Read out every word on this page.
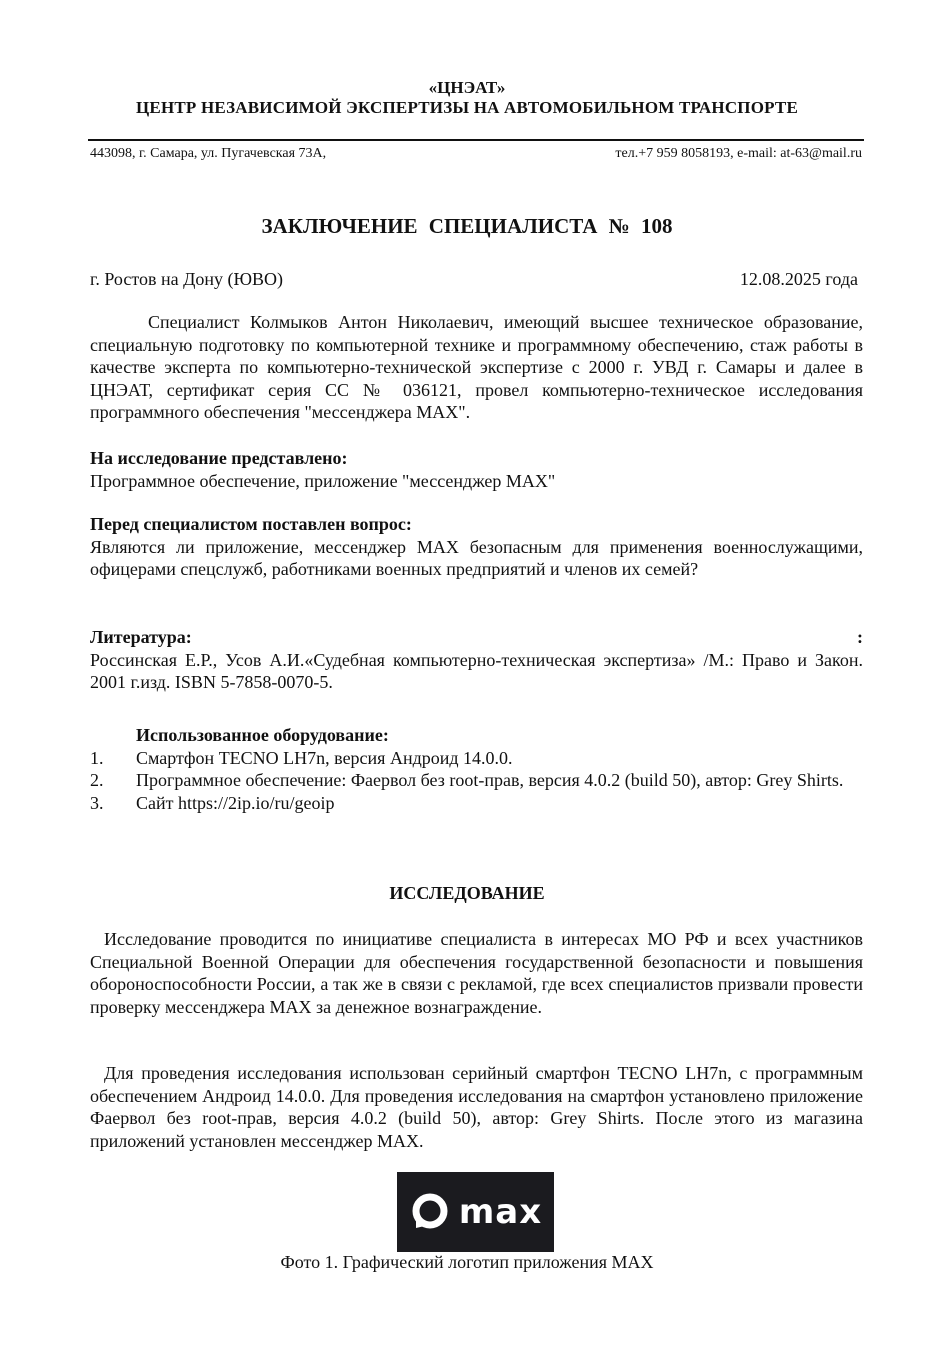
«ЦНЭАТ»
ЦЕНТР НЕЗАВИСИМОЙ ЭКСПЕРТИЗЫ НА АВТОМОБИЛЬНОМ ТРАНСПОРТЕ
443098, г. Самара, ул. Пугачевская 73А,	тел.+7 959 8058193, e-mail: at-63@mail.ru
ЗАКЛЮЧЕНИЕ СПЕЦИАЛИСТА № 108
г. Ростов на Дону (ЮВО)	12.08.2025 года
Специалист Колмыков Антон Николаевич, имеющий высшее техническое образование, специальную подготовку по компьютерной технике и программному обеспечению, стаж работы в качестве эксперта по компьютерно-технической экспертизе с 2000 г. УВД г. Самары и далее в ЦНЭАТ, сертификат серия СС № 036121, провел компьютерно-техническое исследования программного обеспечения "мессенджера МАХ".
На исследование представлено:
Программное обеспечение, приложение "мессенджер МАХ"
Перед специалистом поставлен вопрос:
Являются ли приложение, мессенджер МАХ безопасным для применения военнослужащими, офицерами спецслужб, работниками военных предприятий и членов их семей?
Литература:	:
Россинская Е.Р., Усов А.И.«Судебная компьютерно-техническая экспертиза» /М.: Право и Закон. 2001 г.изд. ISBN 5-7858-0070-5.
Использованное оборудование:
1.	Смартфон TECNO LH7n, версия Андроид 14.0.0.
2.	Программное обеспечение: Фаервол без root-прав, версия 4.0.2 (build 50), автор: Grey Shirts.
3.	Сайт https://2ip.io/ru/geoip
ИССЛЕДОВАНИЕ
Исследование проводится по инициативе специалиста в интересах МО РФ и всех участников Специальной Военной Операции для обеспечения государственной безопасности и повышения обороноспособности России, а так же в связи с рекламой, где всех специалистов призвали провести проверку мессенджера МАХ за денежное вознаграждение.
Для проведения исследования использован серийный смартфон TECNO LH7n, с программным обеспечением Андроид 14.0.0. Для проведения исследования на смартфон установлено приложение Фаервол без root-прав, версия 4.0.2 (build 50), автор: Grey Shirts. После этого из магазина приложений установлен мессенджер МАХ.
max
Фото 1. Графический логотип приложения МАХ
